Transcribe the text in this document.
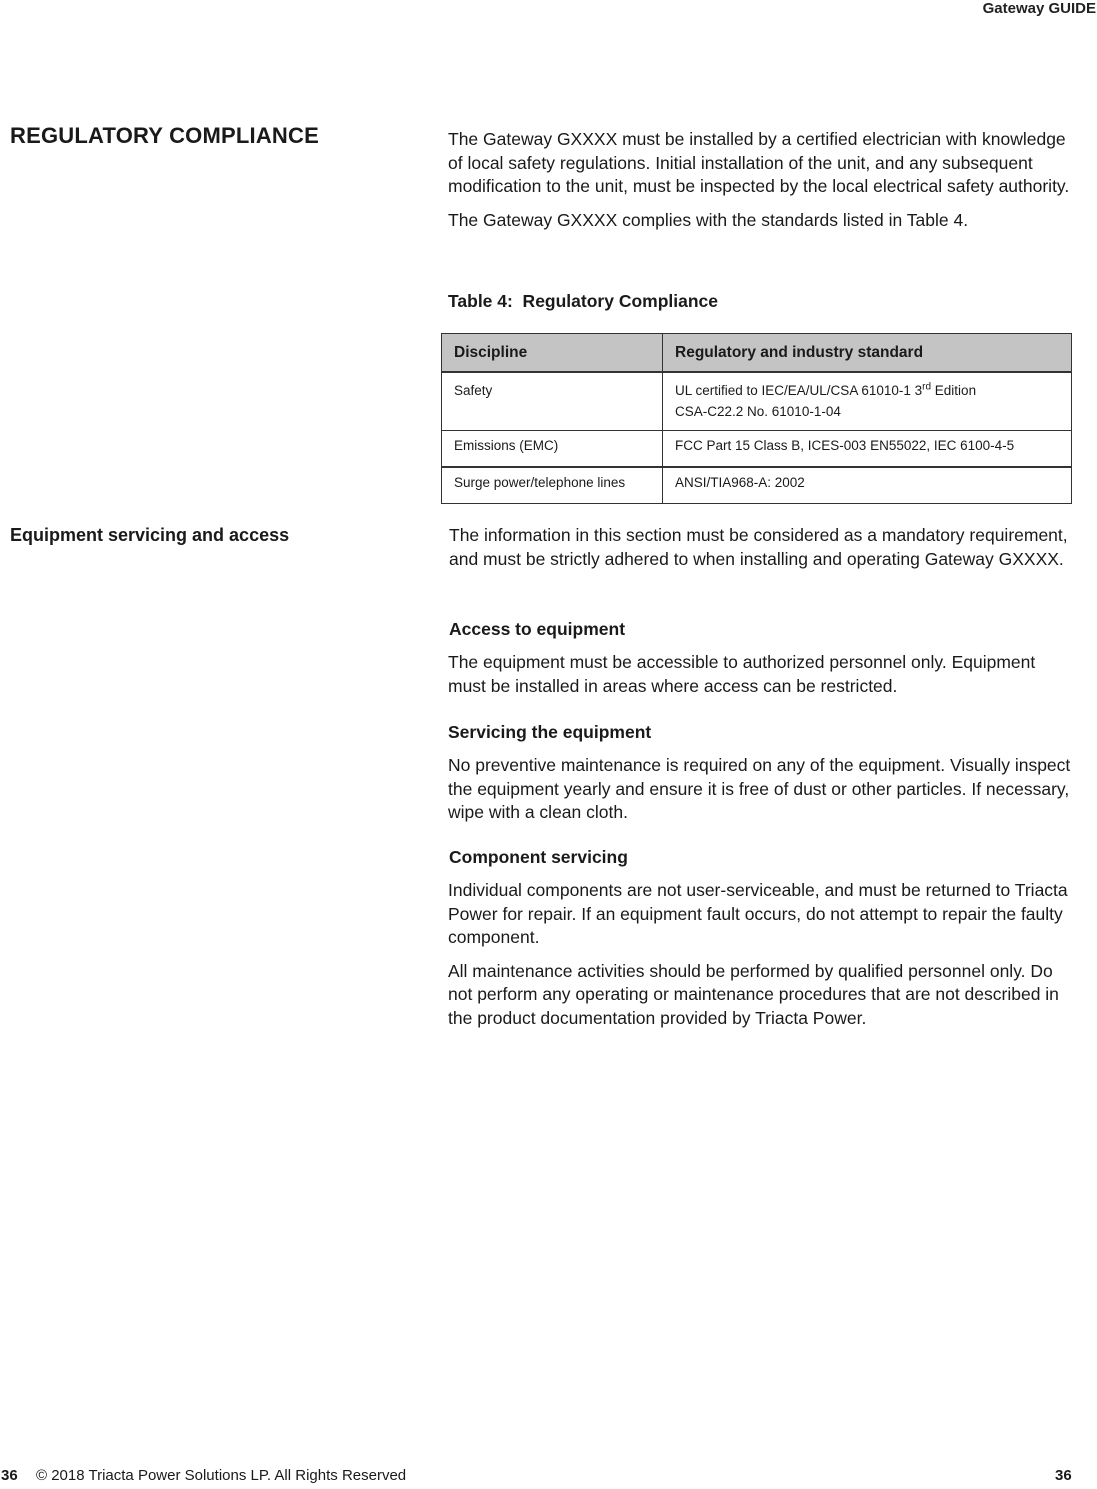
Gateway GUIDE
REGULATORY COMPLIANCE	The Gateway GXXXX must be installed by a certified electrician with knowledge of local safety regulations. Initial installation of the unit, and any subsequent modification to the unit, must be inspected by the local electrical safety authority.

The Gateway GXXXX complies with the standards listed in Table 4.

Table 4:  Regulatory Compliance
Discipline	Regulatory and industry standard
Safety	UL certified to IEC/EA/UL/CSA 61010-1 3rd Edition
CSA-C22.2 No. 61010-1-04

Emissions (EMC)	FCC Part 15 Class B, ICES-003 EN55022, IEC 6100-4-5
Surge power/telephone lines	ANSI/TIA968-A: 2002
Equipment servicing and access	The information in this section must be considered as a mandatory requirement, and must be strictly adhered to when installing and operating Gateway GXXXX.

Access to equipment

The equipment must be accessible to authorized personnel only. Equipment must be installed in areas where access can be restricted.

Servicing the equipment

No preventive maintenance is required on any of the equipment. Visually inspect the equipment yearly and ensure it is free of dust or other particles. If necessary, wipe with a clean cloth.

Component servicing

Individual components are not user-serviceable, and must be returned to Triacta Power for repair. If an equipment fault occurs, do not attempt to repair the faulty component.

All maintenance activities should be performed by qualified personnel only. Do not perform any operating or maintenance procedures that are not described in the product documentation provided by Triacta Power.

36 © 2018 Triacta Power Solutions LP. All Rights Reserved	36
